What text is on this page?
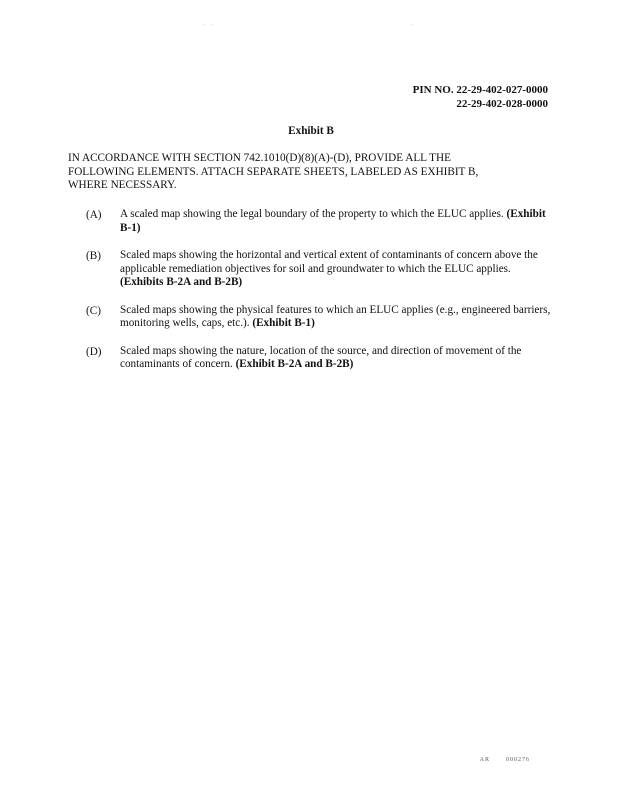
· ·	·
PIN NO. 22-29-402-027-0000

22-29-402-028-0000
Exhibit B
IN ACCORDANCE WITH SECTION 742.1010(D)(8)(A)-(D), PROVIDE ALL THE FOLLOWING ELEMENTS. ATTACH SEPARATE SHEETS, LABELED AS EXHIBIT B, WHERE NECESSARY.
(A)	A scaled map showing the legal boundary of the property to which the ELUC applies. (Exhibit B-1)
(B)	Scaled maps showing the horizontal and vertical extent of contaminants of concern above the applicable remediation objectives for soil and groundwater to which the ELUC applies. (Exhibits B-2A and B-2B)
(C)	Scaled maps showing the physical features to which an ELUC applies (e.g., engineered barriers, monitoring wells, caps, etc.). (Exhibit B-1)
(D)	Scaled maps showing the nature, location of the source, and direction of movement of the contaminants of concern. (Exhibit B-2A and B-2B)
AR	000276
